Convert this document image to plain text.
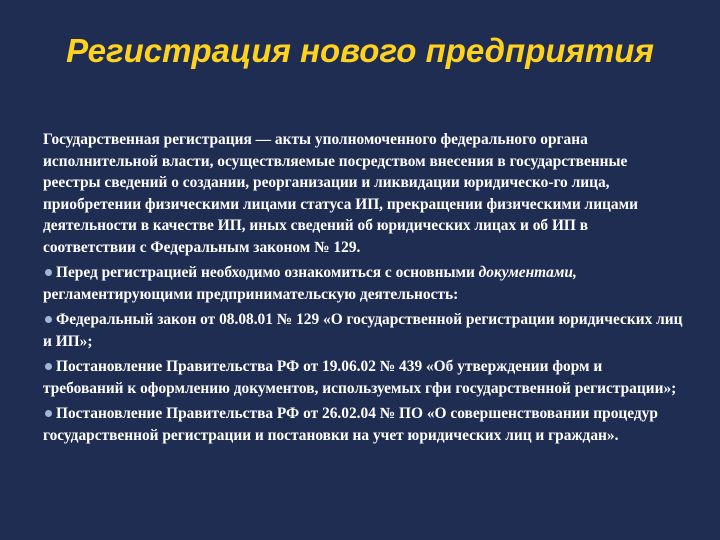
Регистрация нового предприятия

Государственная регистрация — акты уполномоченного федерального органа исполнительной власти, осуществляемые посредством внесения в государственные реестры сведений о создании, реорганизации и ликвидации юридическо-го лица, приобретении физическими лицами статуса ИП, прекращении физическими лицами деятельности в качестве ИП, иных сведений об юридических лицах и об ИП в соответствии с Федеральным законом № 129.

Перед регистрацией необходимо ознакомиться с основными документами, регламентирующими предпринимательскую деятельность:

Федеральный закон от 08.08.01 № 129 «О государственной регистрации юридических лиц и ИП»;

Постановление Правительства РФ от 19.06.02 № 439 «Об утверждении форм и требований к оформлению документов, используемых гфи государственной регистрации»;

Постановление Правительства РФ от 26.02.04 № ПО «О совершенствовании процедур государственной регистрации и постановки на учет юридических лиц и граждан».
